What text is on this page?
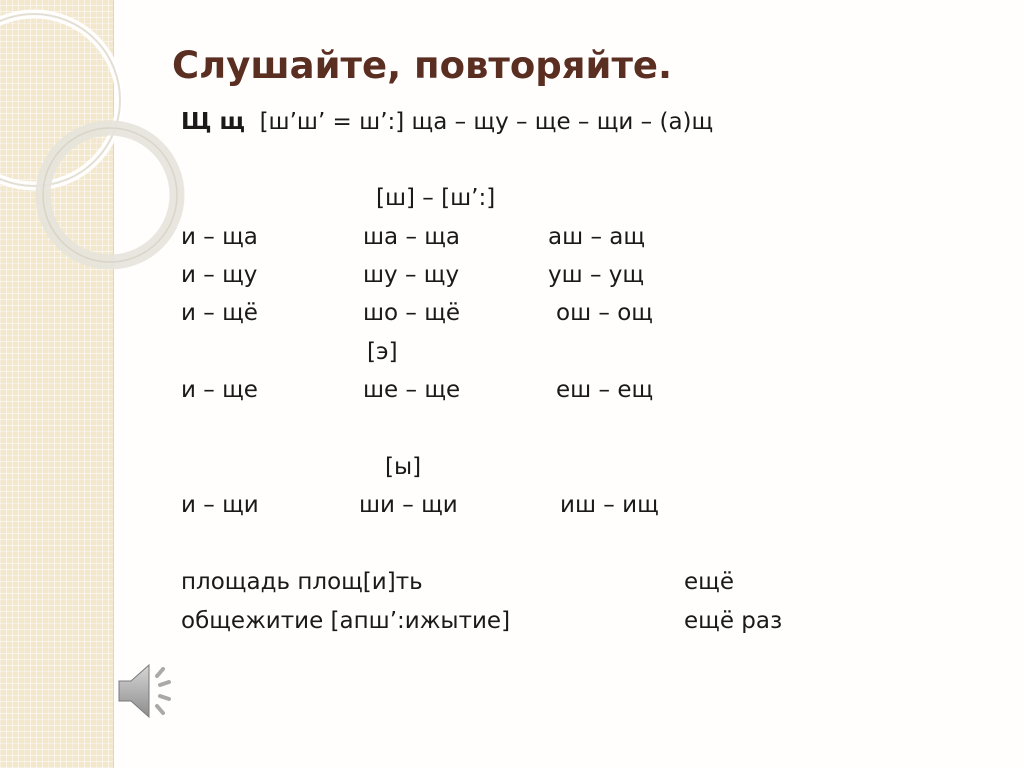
Слушайте, повторяйте.
Щ щ [ш’ш’ = ш’:] ща – щу – ще – щи – (а)щ
[ш] – [ш’:]
и – ща	ша – ща	аш – ащ
и – щу	шу – щу	уш – ущ
и – щё	шо – щё	ош – ощ
[э]
и – ще	ше – ще	еш – ещ
[ы]
и – щи	ши – щи	иш – ищ
площадь площ[и]ть	ещё
общежитие [апш’:ижытие]	ещё раз
